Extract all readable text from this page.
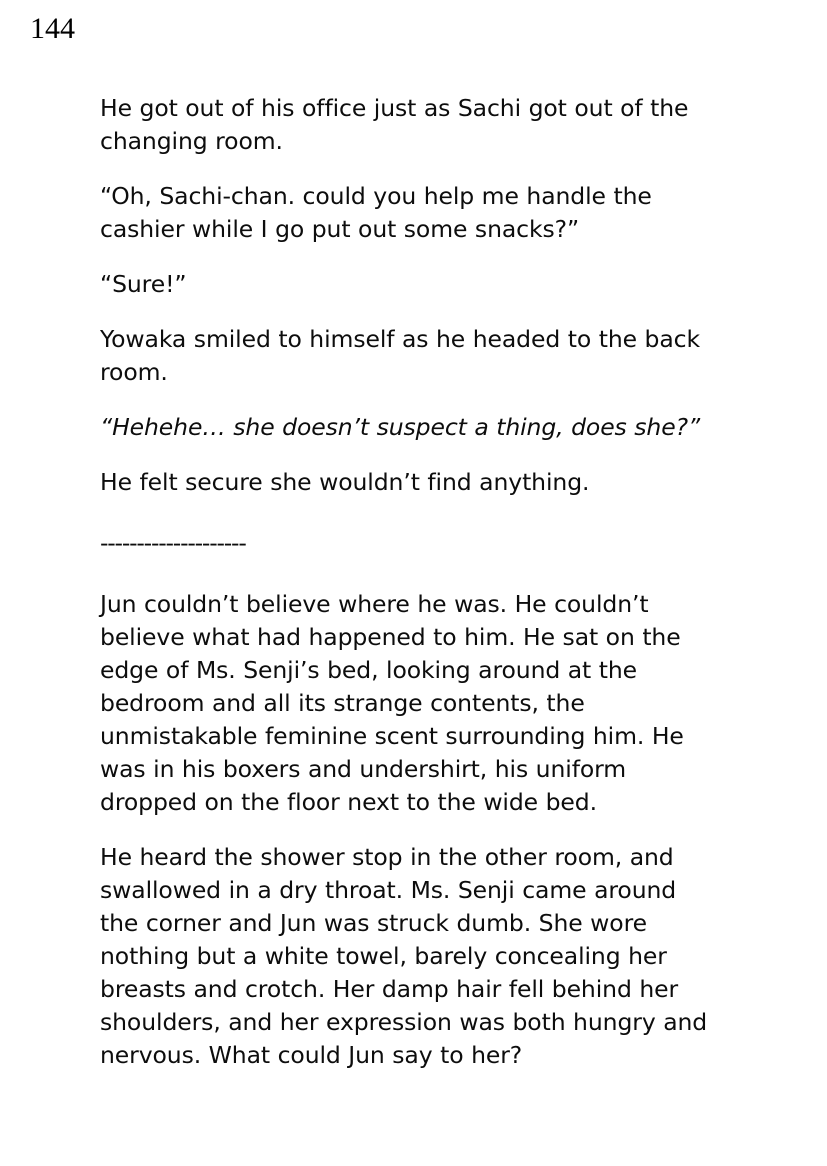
144

He got out of his office just as Sachi got out of the changing room.

“Oh, Sachi-chan. could you help me handle the cashier while I go put out some snacks?”

“Sure!”

Yowaka smiled to himself as he headed to the back room.

“Hehehe… she doesn’t suspect a thing, does she?”

He felt secure she wouldn’t find anything.

--------------------

Jun couldn’t believe where he was. He couldn’t believe what had happened to him. He sat on the edge of Ms. Senji’s bed, looking around at the bedroom and all its strange contents, the unmistakable feminine scent surrounding him. He was in his boxers and undershirt, his uniform dropped on the floor next to the wide bed.

He heard the shower stop in the other room, and swallowed in a dry throat. Ms. Senji came around the corner and Jun was struck dumb. She wore nothing but a white towel, barely concealing her breasts and crotch. Her damp hair fell behind her shoulders, and her expression was both hungry and nervous. What could Jun say to her?
